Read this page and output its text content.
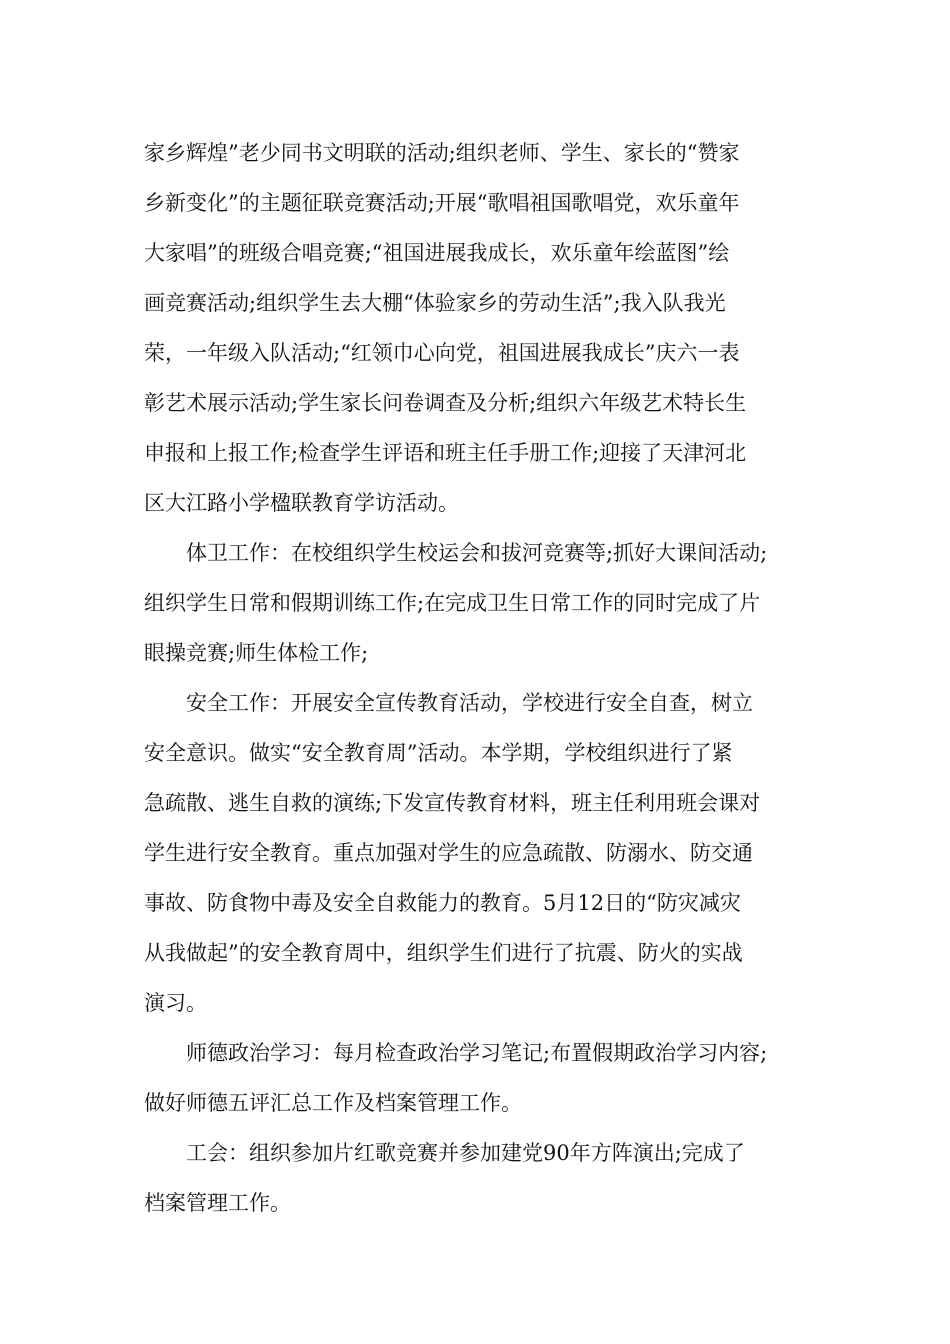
家乡辉煌”老少同书文明联的活动;组织老师、学生、家长的“赞家
乡新变化”的主题征联竞赛活动;开展“歌唱祖国歌唱党，欢乐童年
大家唱”的班级合唱竞赛;“祖国进展我成长，欢乐童年绘蓝图”绘
画竞赛活动;组织学生去大棚“体验家乡的劳动生活”;我入队我光
荣，一年级入队活动;“红领巾心向党，祖国进展我成长”庆六一表
彰艺术展示活动;学生家长问卷调查及分析;组织六年级艺术特长生
申报和上报工作;检查学生评语和班主任手册工作;迎接了天津河北
区大江路小学楹联教育学访活动。
　　体卫工作：在校组织学生校运会和拔河竞赛等;抓好大课间活动;
组织学生日常和假期训练工作;在完成卫生日常工作的同时完成了片
眼操竞赛;师生体检工作;
　　安全工作：开展安全宣传教育活动，学校进行安全自查，树立
安全意识。做实“安全教育周”活动。本学期，学校组织进行了紧
急疏散、逃生自救的演练;下发宣传教育材料，班主任利用班会课对
学生进行安全教育。重点加强对学生的应急疏散、防溺水、防交通
事故、防食物中毒及安全自救能力的教育。5月12日的“防灾减灾
从我做起”的安全教育周中，组织学生们进行了抗震、防火的实战
演习。
　　师德政治学习：每月检查政治学习笔记;布置假期政治学习内容;
做好师德五评汇总工作及档案管理工作。
　　工会：组织参加片红歌竞赛并参加建党90年方阵演出;完成了
档案管理工作。
